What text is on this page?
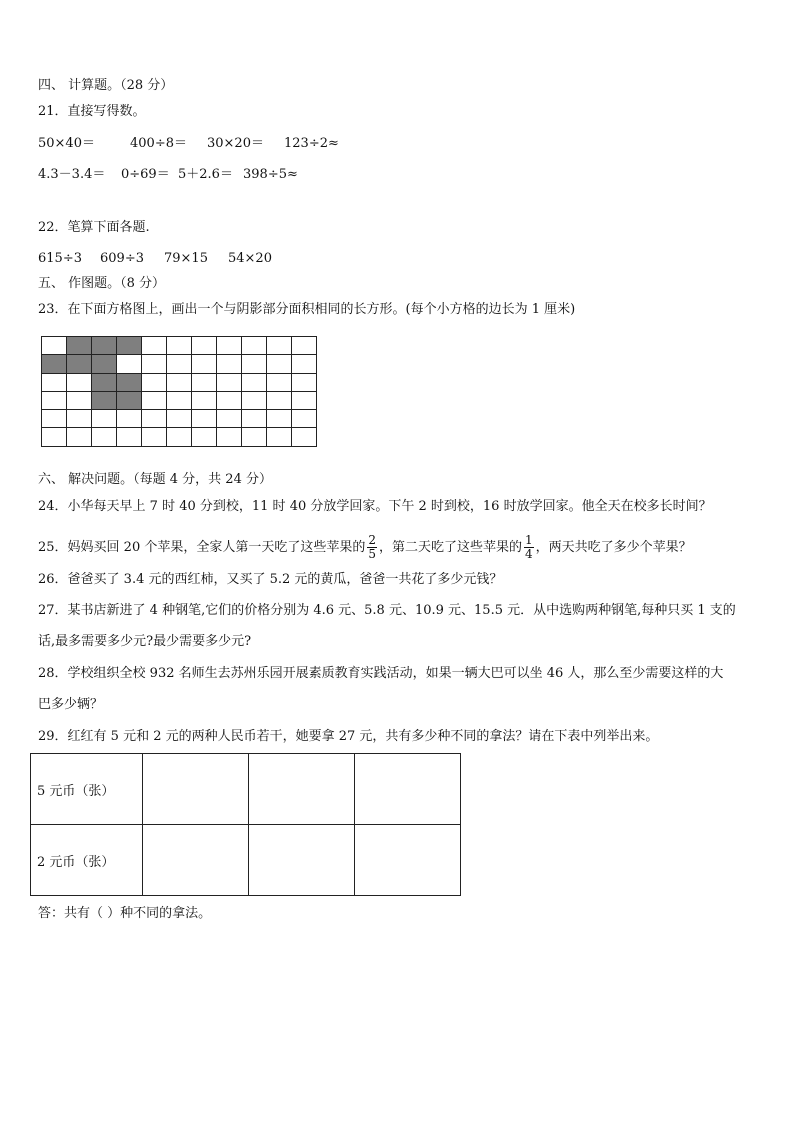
四、 计算题。（28 分）
21．直接写得数。
50×40＝	400÷8＝ 30×20＝ 123÷2≈
4.3－3.4＝ 0÷69＝ 5＋2.6＝ 398÷5≈
22．笔算下面各题.
615÷3 609÷3 79×15 54×20
五、 作图题。（8 分）
23．在下面方格图上，画出一个与阴影部分面积相同的长方形。(每个小方格的边长为 1 厘米)
六、 解决问题。（每题 4 分，共 24 分）
24．小华每天早上 7 时 40 分到校，11 时 40 分放学回家。下午 2 时到校，16 时放学回家。他全天在校多长时间？
25．妈妈买回 20 个苹果，全家人第一天吃了这些苹果的 $\frac{2}{5}$ ，第二天吃了这些苹果的 $\frac{1}{4}$ ，两天共吃了多少个苹果？
26．爸爸买了 3.4 元的西红柿，又买了 5.2 元的黄瓜，爸爸一共花了多少元钱？
27．某书店新进了 4 种钢笔,它们的价格分别为 4.6 元、5.8 元、10.9 元、15.5 元．从中选购两种钢笔,每种只买 1 支的
话,最多需要多少元?最少需要多少元?
28．学校组织全校 932 名师生去苏州乐园开展素质教育实践活动，如果一辆大巴可以坐 46 人，那么至少需要这样的大
巴多少辆？
29．红红有 5 元和 2 元的两种人民币若干，她要拿 27 元，共有多少种不同的拿法？请在下表中列举出来。
5 元币（张）			
2 元币（张）			
答：共有（ ）种不同的拿法。
